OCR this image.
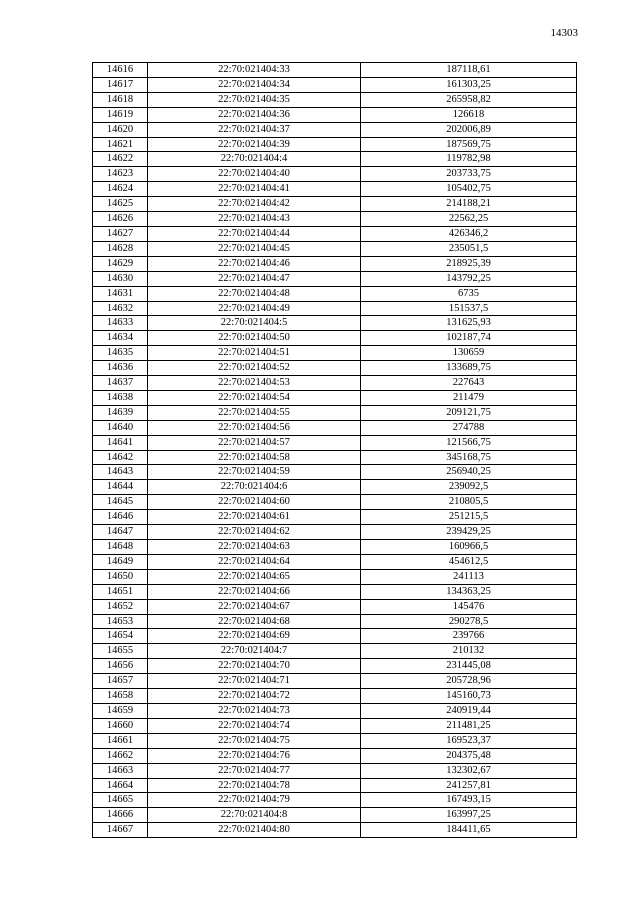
14303
14616	22:70:021404:33	187118,61
14617	22:70:021404:34	161303,25
14618	22:70:021404:35	265958,82
14619	22:70:021404:36	126618
14620	22:70:021404:37	202006,89
14621	22:70:021404:39	187569,75
14622	22:70:021404:4	119782,98
14623	22:70:021404:40	203733,75
14624	22:70:021404:41	105402,75
14625	22:70:021404:42	214188,21
14626	22:70:021404:43	22562,25
14627	22:70:021404:44	426346,2
14628	22:70:021404:45	235051,5
14629	22:70:021404:46	218925,39
14630	22:70:021404:47	143792,25
14631	22:70:021404:48	6735
14632	22:70:021404:49	151537,5
14633	22:70:021404:5	131625,93
14634	22:70:021404:50	102187,74
14635	22:70:021404:51	130659
14636	22:70:021404:52	133689,75
14637	22:70:021404:53	227643
14638	22:70:021404:54	211479
14639	22:70:021404:55	209121,75
14640	22:70:021404:56	274788
14641	22:70:021404:57	121566,75
14642	22:70:021404:58	345168,75
14643	22:70:021404:59	256940,25
14644	22:70:021404:6	239092,5
14645	22:70:021404:60	210805,5
14646	22:70:021404:61	251215,5
14647	22:70:021404:62	239429,25
14648	22:70:021404:63	160966,5
14649	22:70:021404:64	454612,5
14650	22:70:021404:65	241113
14651	22:70:021404:66	134363,25
14652	22:70:021404:67	145476
14653	22:70:021404:68	290278,5
14654	22:70:021404:69	239766
14655	22:70:021404:7	210132
14656	22:70:021404:70	231445,08
14657	22:70:021404:71	205728,96
14658	22:70:021404:72	145160,73
14659	22:70:021404:73	240919,44
14660	22:70:021404:74	211481,25
14661	22:70:021404:75	169523,37
14662	22:70:021404:76	204375,48
14663	22:70:021404:77	132302,67
14664	22:70:021404:78	241257,81
14665	22:70:021404:79	167493,15
14666	22:70:021404:8	163997,25
14667	22:70:021404:80	184411,65
